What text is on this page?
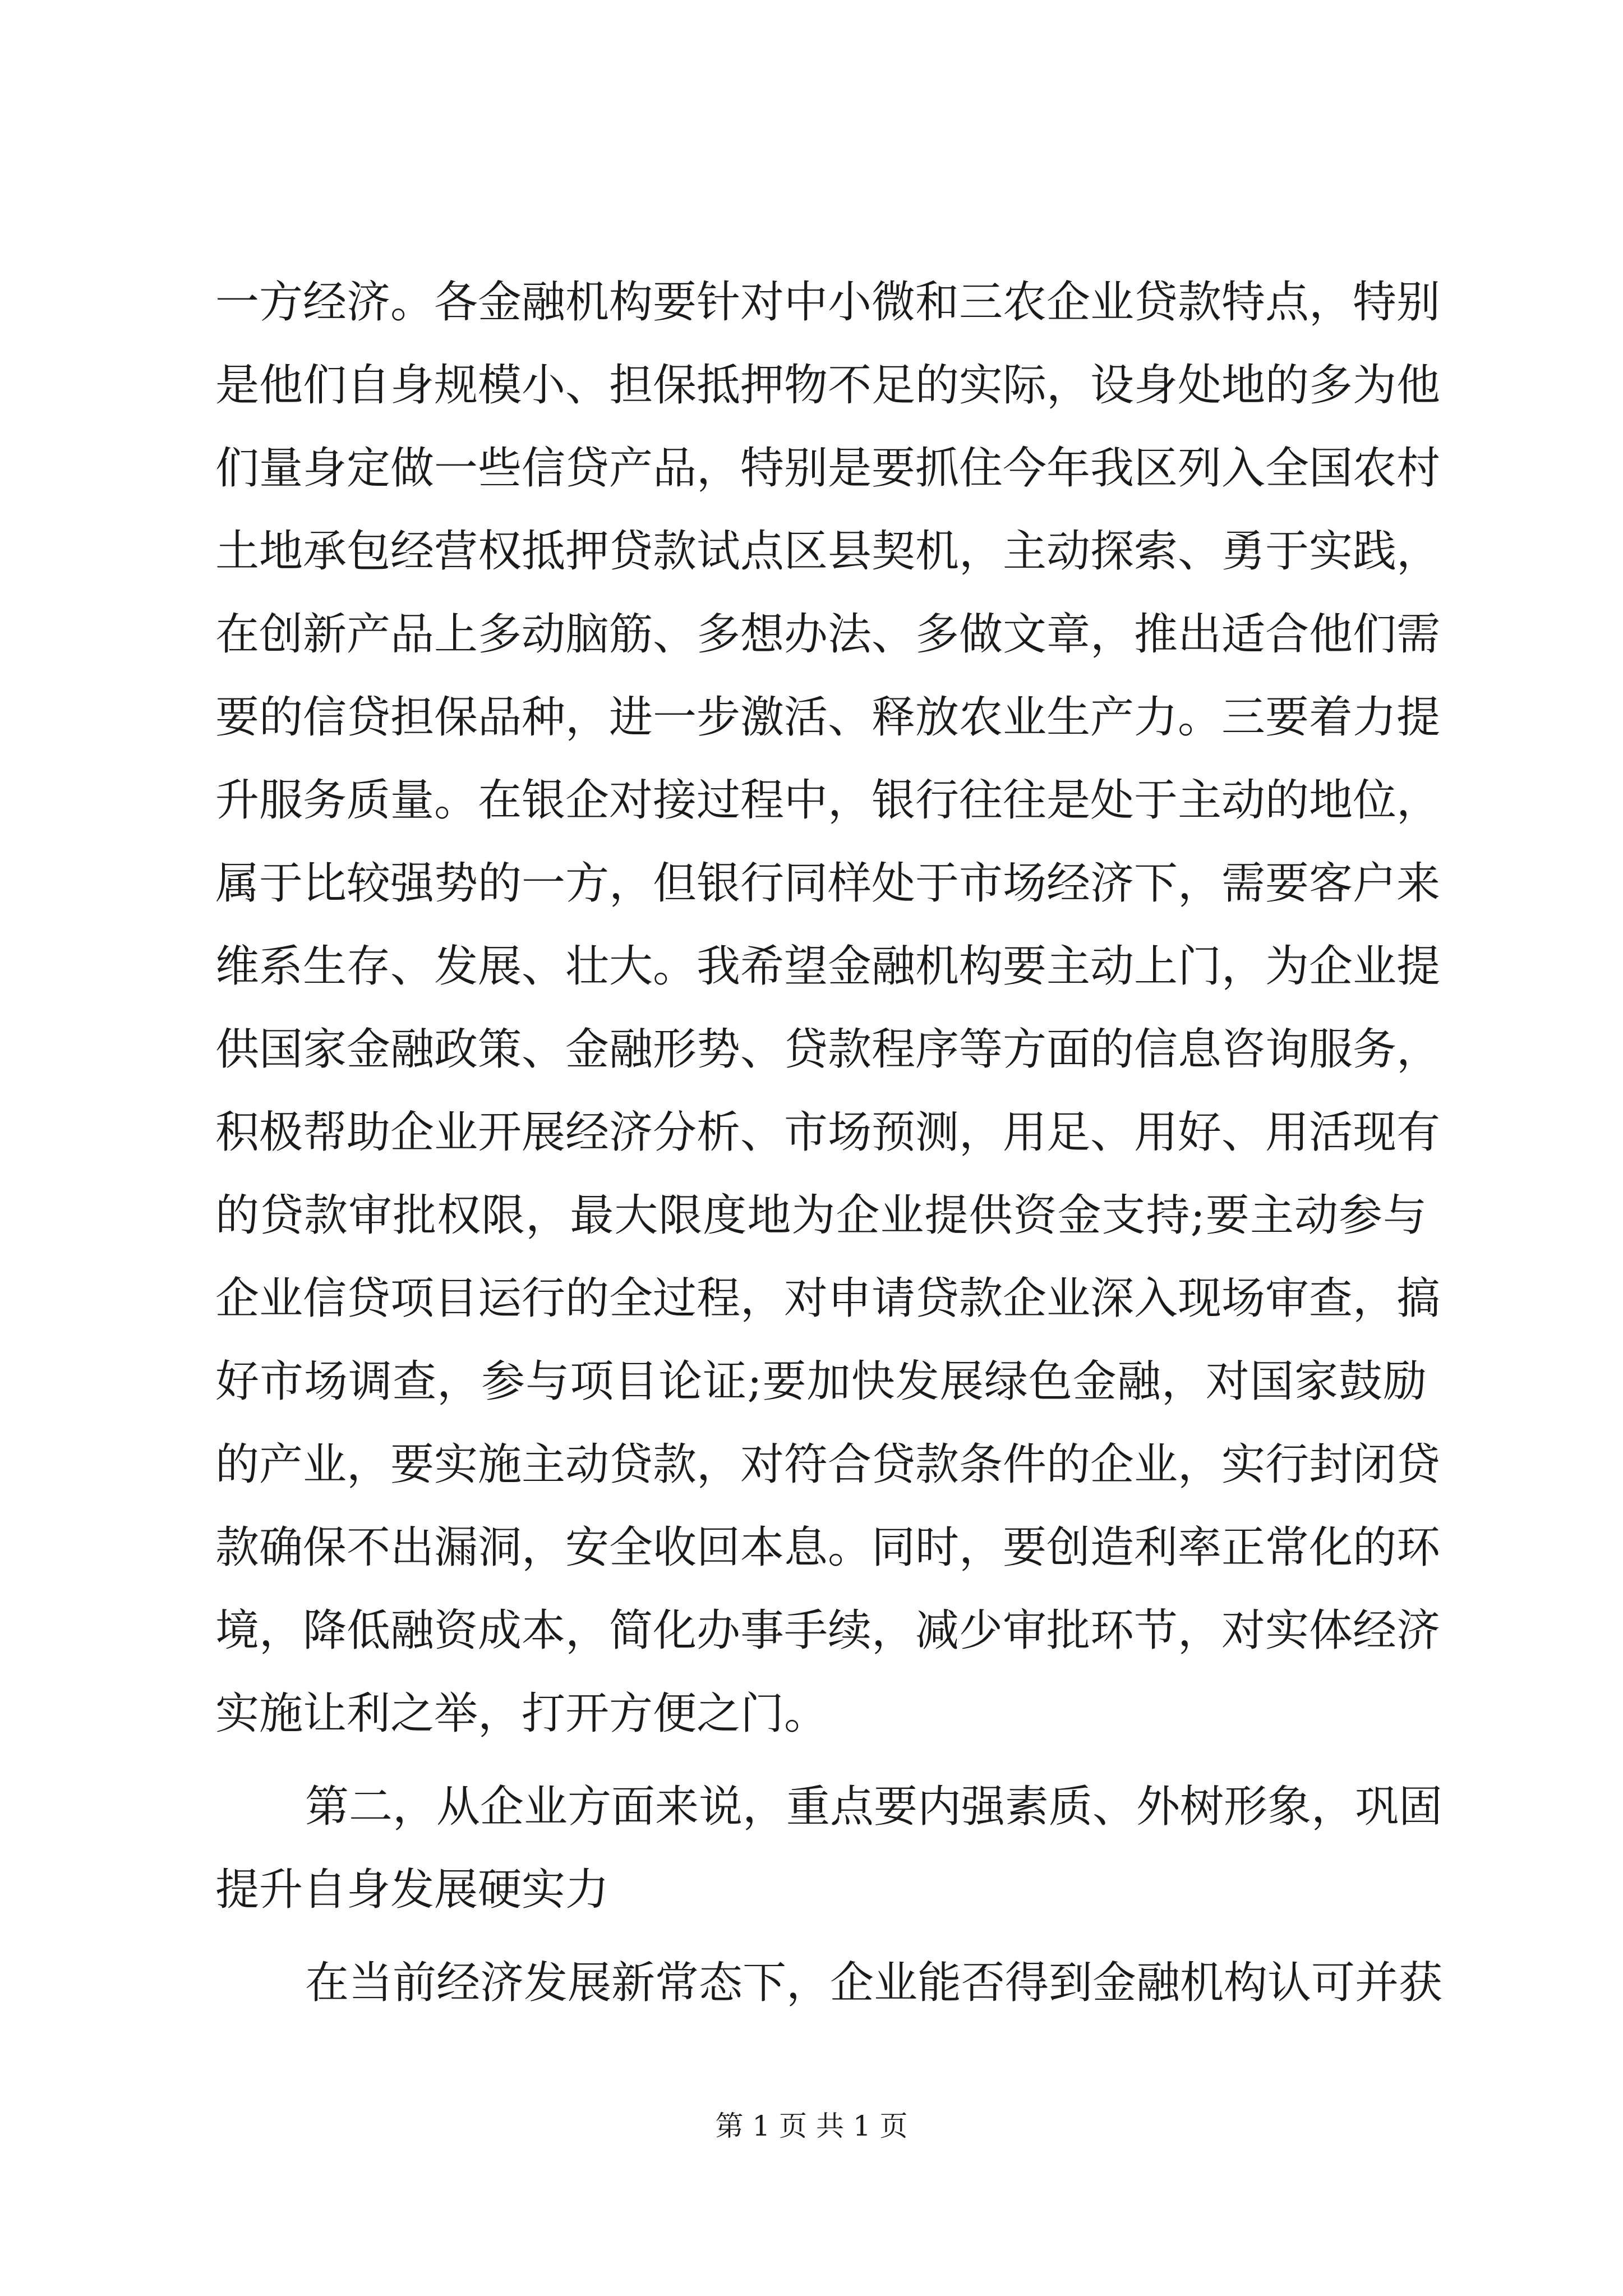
一方经济。各金融机构要针对中小微和三农企业贷款特点，特别
是他们自身规模小、担保抵押物不足的实际，设身处地的多为他
们量身定做一些信贷产品，特别是要抓住今年我区列入全国农村
土地承包经营权抵押贷款试点区县契机，主动探索、勇于实践，
在创新产品上多动脑筋、多想办法、多做文章，推出适合他们需
要的信贷担保品种，进一步激活、释放农业生产力。三要着力提
升服务质量。在银企对接过程中，银行往往是处于主动的地位，
属于比较强势的一方，但银行同样处于市场经济下，需要客户来
维系生存、发展、壮大。我希望金融机构要主动上门，为企业提
供国家金融政策、金融形势、贷款程序等方面的信息咨询服务，
积极帮助企业开展经济分析、市场预测，用足、用好、用活现有
的贷款审批权限，最大限度地为企业提供资金支持;要主动参与
企业信贷项目运行的全过程，对申请贷款企业深入现场审查，搞
好市场调查，参与项目论证;要加快发展绿色金融，对国家鼓励
的产业，要实施主动贷款，对符合贷款条件的企业，实行封闭贷
款确保不出漏洞，安全收回本息。同时，要创造利率正常化的环
境，降低融资成本，简化办事手续，减少审批环节，对实体经济
实施让利之举，打开方便之门。
第二，从企业方面来说，重点要内强素质、外树形象，巩固
提升自身发展硬实力
在当前经济发展新常态下，企业能否得到金融机构认可并获
第 1 页 共 1 页
